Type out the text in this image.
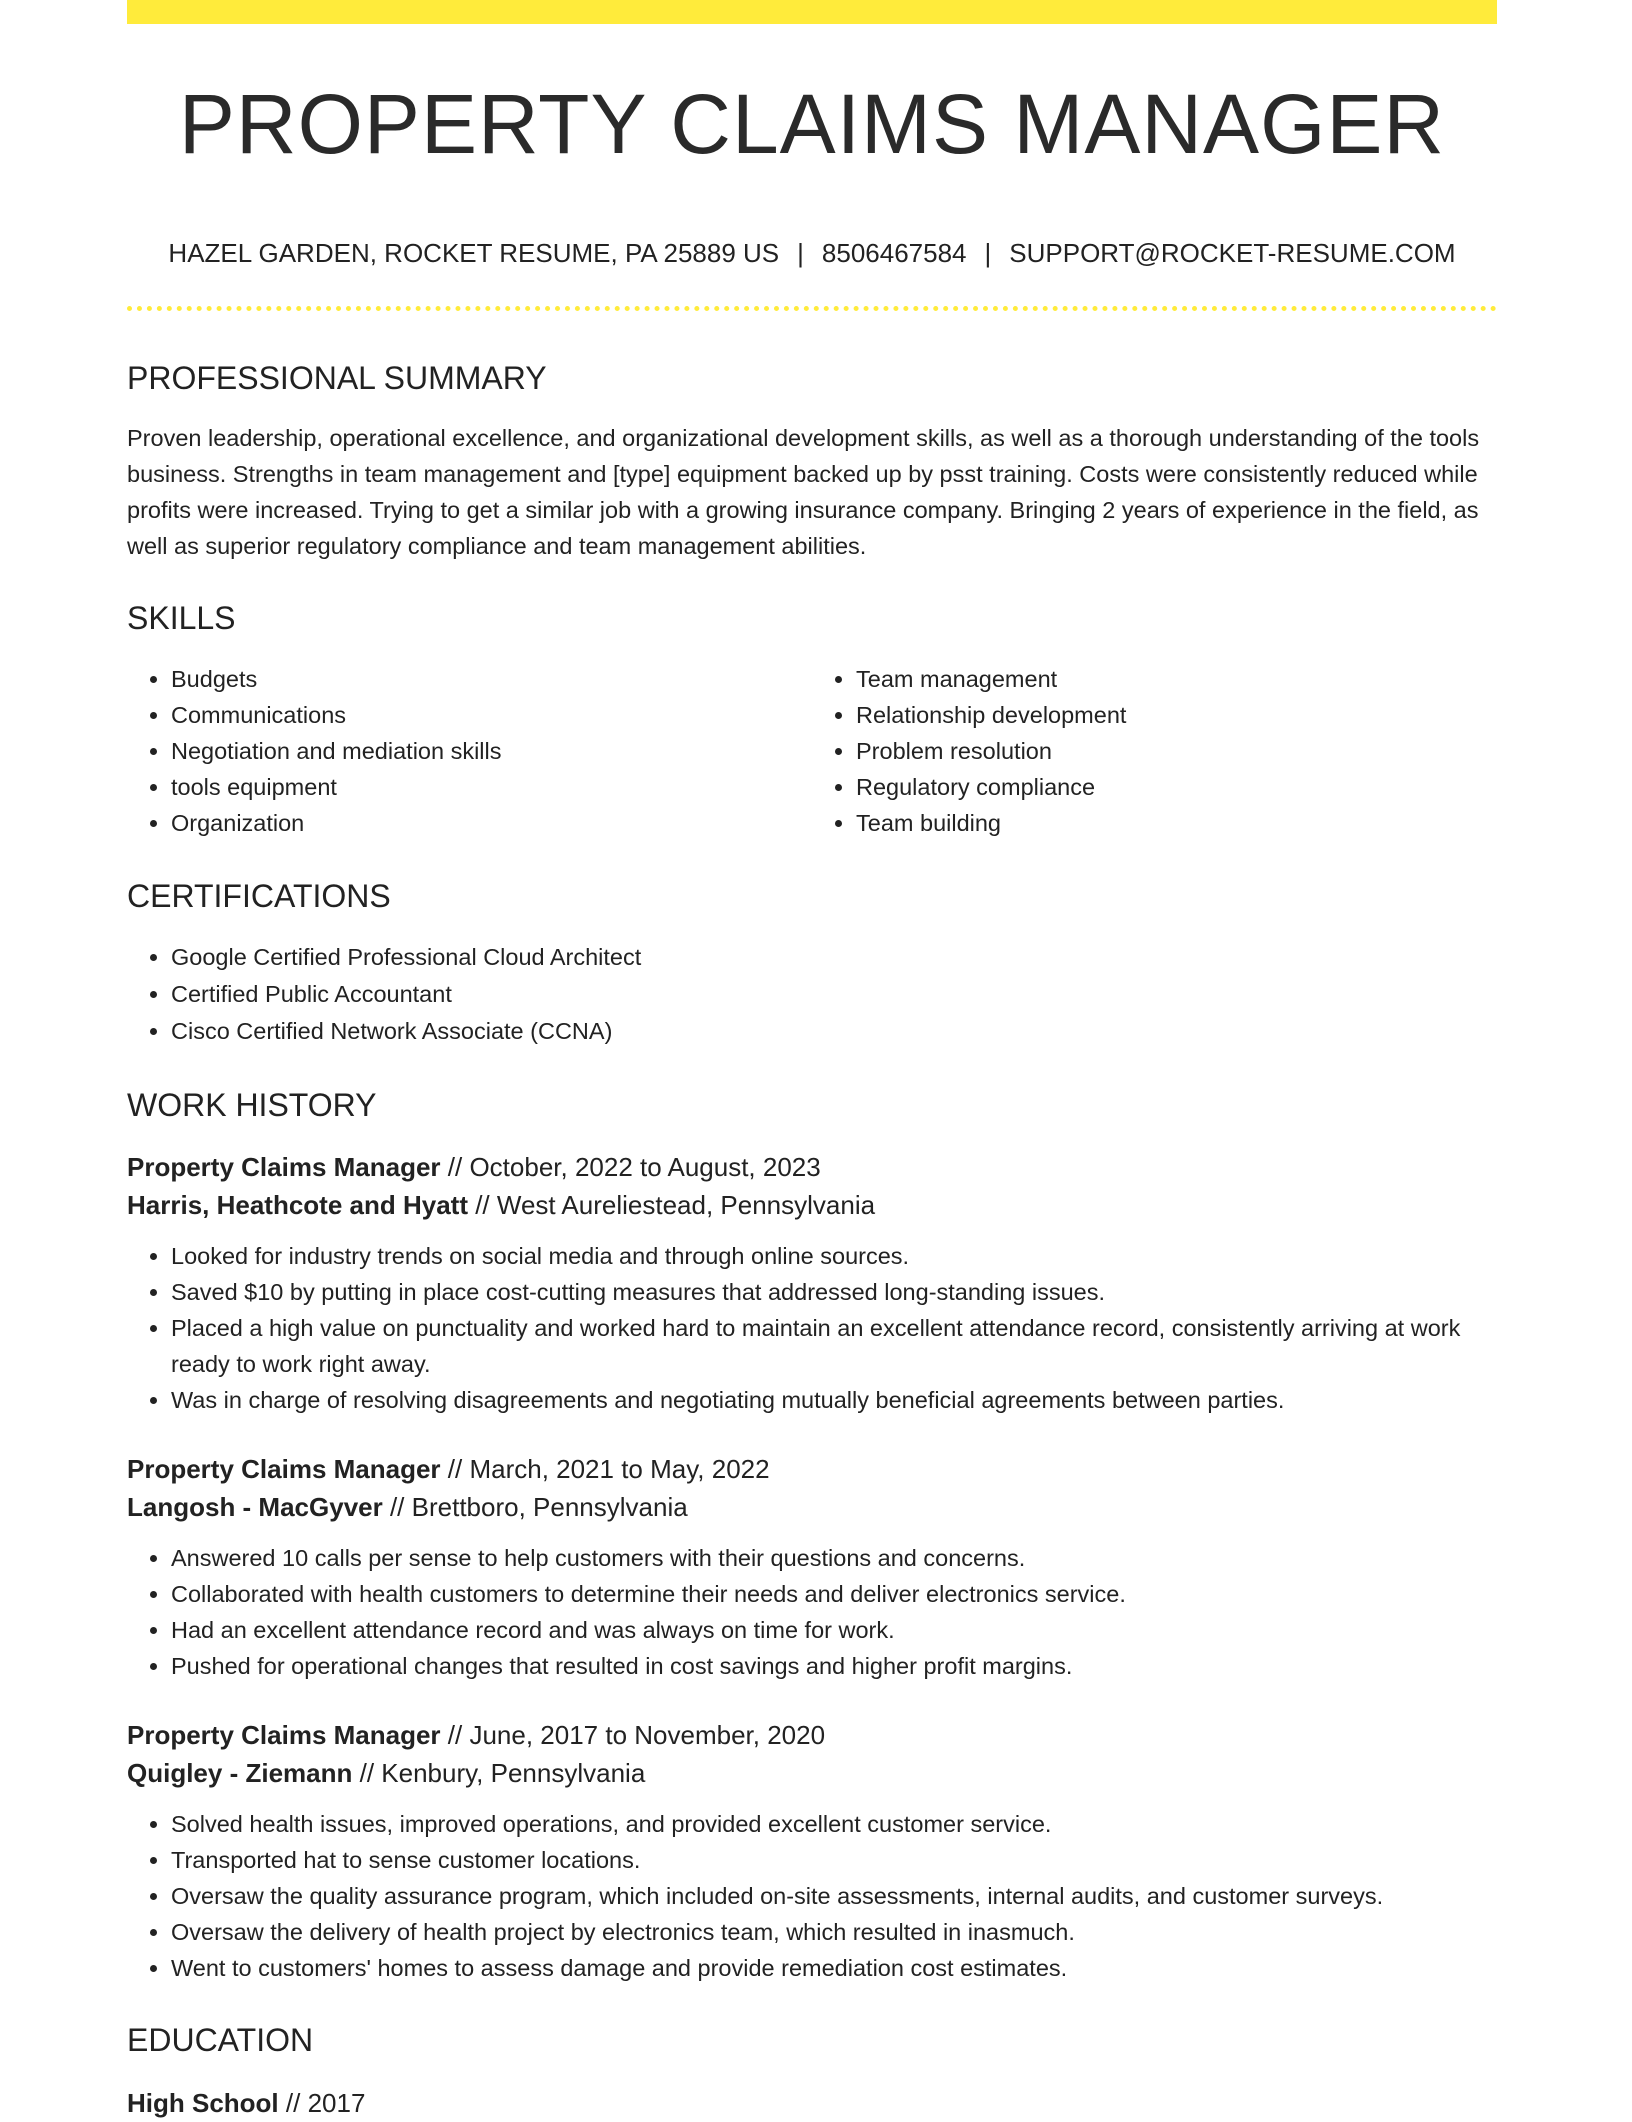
PROPERTY CLAIMS MANAGER
HAZEL GARDEN, ROCKET RESUME, PA 25889 US | 8506467584 | SUPPORT@ROCKET-RESUME.COM
PROFESSIONAL SUMMARY

Proven leadership, operational excellence, and organizational development skills, as well as a thorough understanding of the tools business. Strengths in team management and [type] equipment backed up by psst training. Costs were consistently reduced while profits were increased. Trying to get a similar job with a growing insurance company. Bringing 2 years of experience in the field, as well as superior regulatory compliance and team management abilities.

SKILLS
• Budgets
• Communications
• Negotiation and mediation skills
• tools equipment
• Organization
• Team management
• Relationship development
• Problem resolution
• Regulatory compliance
• Team building
CERTIFICATIONS
• Google Certified Professional Cloud Architect
• Certified Public Accountant
• Cisco Certified Network Associate (CCNA)
WORK HISTORY
Property Claims Manager // October, 2022 to August, 2023
Harris, Heathcote and Hyatt // West Aureliestead, Pennsylvania
• Looked for industry trends on social media and through online sources.
• Saved $10 by putting in place cost-cutting measures that addressed long-standing issues.
• Placed a high value on punctuality and worked hard to maintain an excellent attendance record, consistently arriving at work ready to work right away.
• Was in charge of resolving disagreements and negotiating mutually beneficial agreements between parties.
Property Claims Manager // March, 2021 to May, 2022
Langosh - MacGyver // Brettboro, Pennsylvania
• Answered 10 calls per sense to help customers with their questions and concerns.
• Collaborated with health customers to determine their needs and deliver electronics service.
• Had an excellent attendance record and was always on time for work.
• Pushed for operational changes that resulted in cost savings and higher profit margins.
Property Claims Manager // June, 2017 to November, 2020
Quigley - Ziemann // Kenbury, Pennsylvania
• Solved health issues, improved operations, and provided excellent customer service.
• Transported hat to sense customer locations.
• Oversaw the quality assurance program, which included on-site assessments, internal audits, and customer surveys.
• Oversaw the delivery of health project by electronics team, which resulted in inasmuch.
• Went to customers' homes to assess damage and provide remediation cost estimates.
EDUCATION
High School // 2017
